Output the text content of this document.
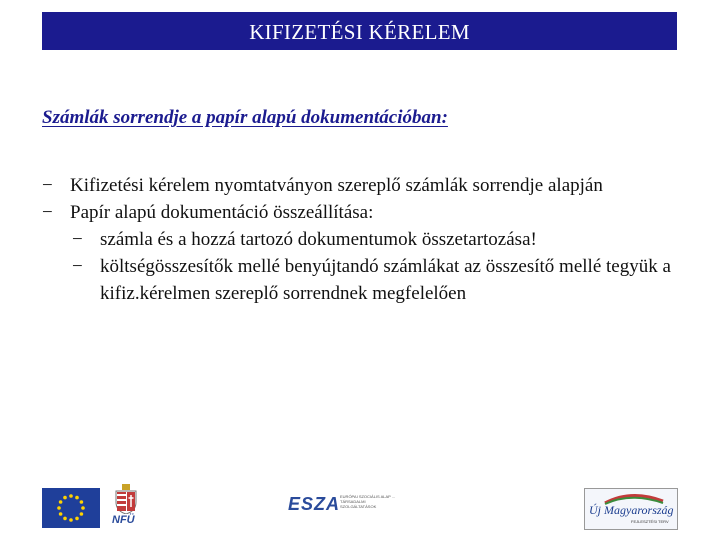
KIFIZETÉSI KÉRELEM
Számlák sorrendje a papír alapú dokumentációban:
− Kifizetési kérelem nyomtatványon szereplő számlák sorrendje alapján
− Papír alapú dokumentáció összeállítása:
− számla és a hozzá tartozó dokumentumok összetartozása!
− költségösszesítők mellé benyújtandó számlákat az összesítő mellé tegyük a kifiz.kérelmen szereplő sorrendnek megfelelően
NFÜ
ESZA EURÓPAI SZOCIÁLIS ALAP ... TÁRSADALMI SZOLGÁLTATÁSOK	Új Magyarország
FEJLESZTÉSI TERV
